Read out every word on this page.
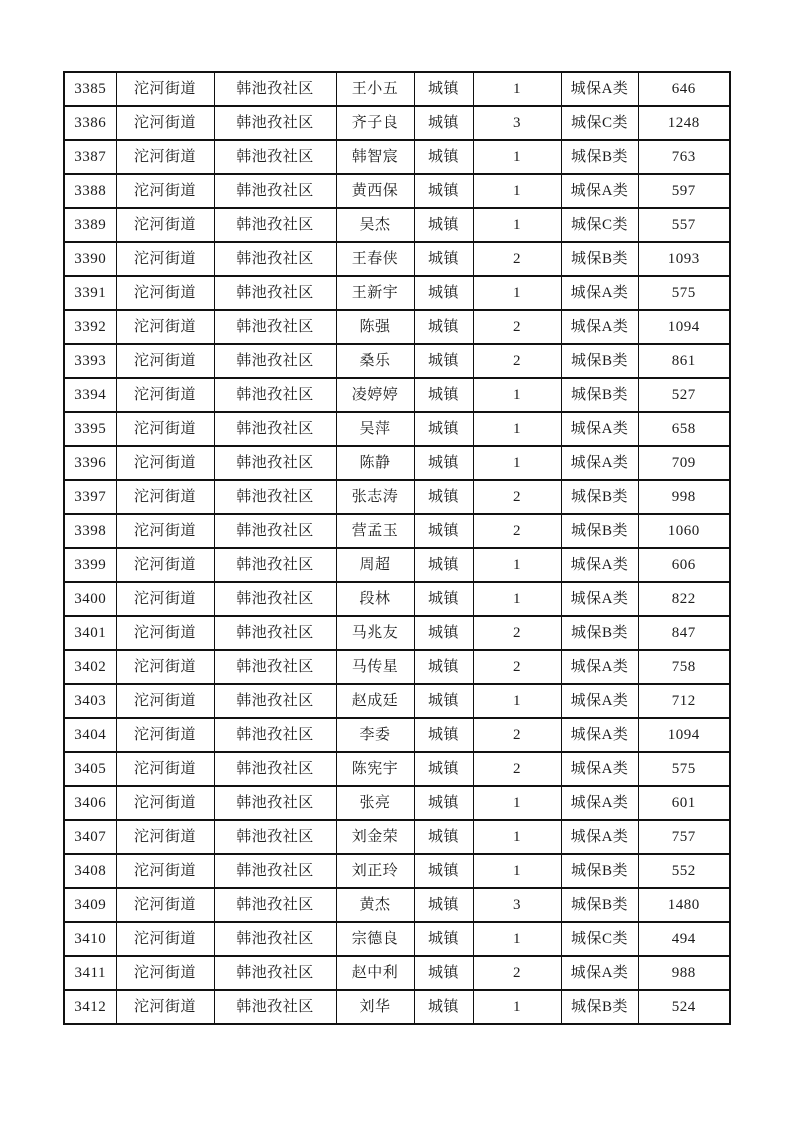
3385	沱河街道	韩池孜社区	王小五	城镇	1	城保A类	646
3386	沱河街道	韩池孜社区	齐子良	城镇	3	城保C类	1248
3387	沱河街道	韩池孜社区	韩智宸	城镇	1	城保B类	763
3388	沱河街道	韩池孜社区	黄西保	城镇	1	城保A类	597
3389	沱河街道	韩池孜社区	吴杰	城镇	1	城保C类	557
3390	沱河街道	韩池孜社区	王春侠	城镇	2	城保B类	1093
3391	沱河街道	韩池孜社区	王新宇	城镇	1	城保A类	575
3392	沱河街道	韩池孜社区	陈强	城镇	2	城保A类	1094
3393	沱河街道	韩池孜社区	桑乐	城镇	2	城保B类	861
3394	沱河街道	韩池孜社区	凌婷婷	城镇	1	城保B类	527
3395	沱河街道	韩池孜社区	吴萍	城镇	1	城保A类	658
3396	沱河街道	韩池孜社区	陈静	城镇	1	城保A类	709
3397	沱河街道	韩池孜社区	张志涛	城镇	2	城保B类	998
3398	沱河街道	韩池孜社区	营孟玉	城镇	2	城保B类	1060
3399	沱河街道	韩池孜社区	周超	城镇	1	城保A类	606
3400	沱河街道	韩池孜社区	段林	城镇	1	城保A类	822
3401	沱河街道	韩池孜社区	马兆友	城镇	2	城保B类	847
3402	沱河街道	韩池孜社区	马传星	城镇	2	城保A类	758
3403	沱河街道	韩池孜社区	赵成廷	城镇	1	城保A类	712
3404	沱河街道	韩池孜社区	李委	城镇	2	城保A类	1094
3405	沱河街道	韩池孜社区	陈宪宇	城镇	2	城保A类	575
3406	沱河街道	韩池孜社区	张亮	城镇	1	城保A类	601
3407	沱河街道	韩池孜社区	刘金荣	城镇	1	城保A类	757
3408	沱河街道	韩池孜社区	刘正玲	城镇	1	城保B类	552
3409	沱河街道	韩池孜社区	黄杰	城镇	3	城保B类	1480
3410	沱河街道	韩池孜社区	宗德良	城镇	1	城保C类	494
3411	沱河街道	韩池孜社区	赵中利	城镇	2	城保A类	988
3412	沱河街道	韩池孜社区	刘华	城镇	1	城保B类	524
